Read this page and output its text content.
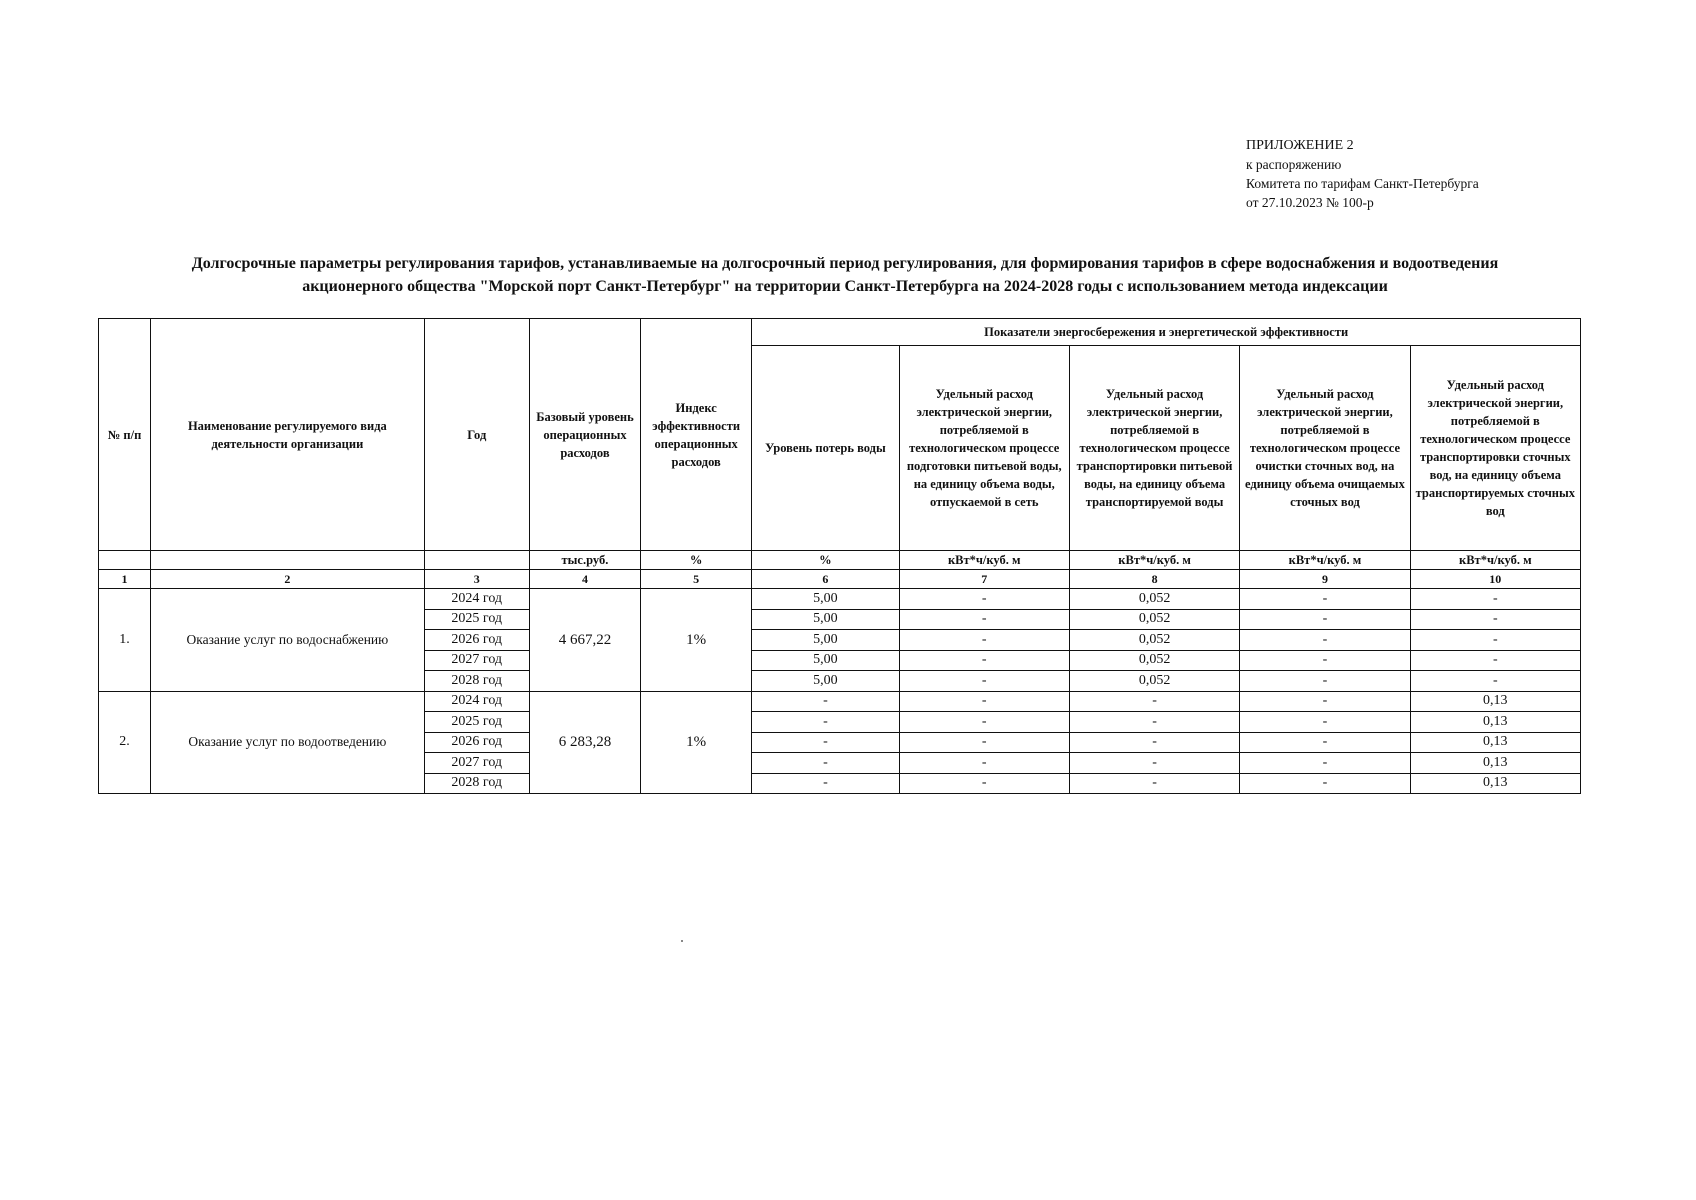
ПРИЛОЖЕНИЕ 2
к распоряжению
Комитета по тарифам Санкт-Петербурга
от 27.10.2023 № 100-р
Долгосрочные параметры регулирования тарифов, устанавливаемые на долгосрочный период регулирования, для формирования тарифов в сфере водоснабжения и водоотведения
акционерного общества "Морской порт Санкт-Петербург" на территории Санкт-Петербурга на 2024-2028 годы с использованием метода индексации
№ п/п	Наименование регулируемого вида деятельности организации	Год	Базовый уровень операционных расходов	Индекс эффективности операционных расходов	Показатели энергосбережения и энергетической эффективности				
					Уровень потерь воды	Удельный расход электрической энергии, потребляемой в технологическом процессе подготовки питьевой воды, на единицу объема воды, отпускаемой в сеть	Удельный расход электрической энергии, потребляемой в технологическом процессе транспортировки питьевой воды, на единицу объема транспортируемой воды	Удельный расход электрической энергии, потребляемой в технологическом процессе очистки сточных вод, на единицу объема очищаемых сточных вод	Удельный расход электрической энергии, потребляемой в технологическом процессе транспортировки сточных вод, на единицу объема транспортируемых сточных вод
			тыс.руб.	%	%	кВт*ч/куб. м	кВт*ч/куб. м	кВт*ч/куб. м	кВт*ч/куб. м
1	2	3	4	5	6	7	8	9	10
1.	Оказание услуг по водоснабжению	2024 год	4 667,22	1%	5,00	-	0,052	-	-
		2025 год			5,00	-	0,052	-	-
		2026 год			5,00	-	0,052	-	-
		2027 год			5,00	-	0,052	-	-
		2028 год			5,00	-	0,052	-	-
2.	Оказание услуг по водоотведению	2024 год	6 283,28	1%	-	-	-	-	0,13
		2025 год			-	-	-	-	0,13
		2026 год			-	-	-	-	0,13
		2027 год			-	-	-	-	0,13
		2028 год			-	-	-	-	0,13
